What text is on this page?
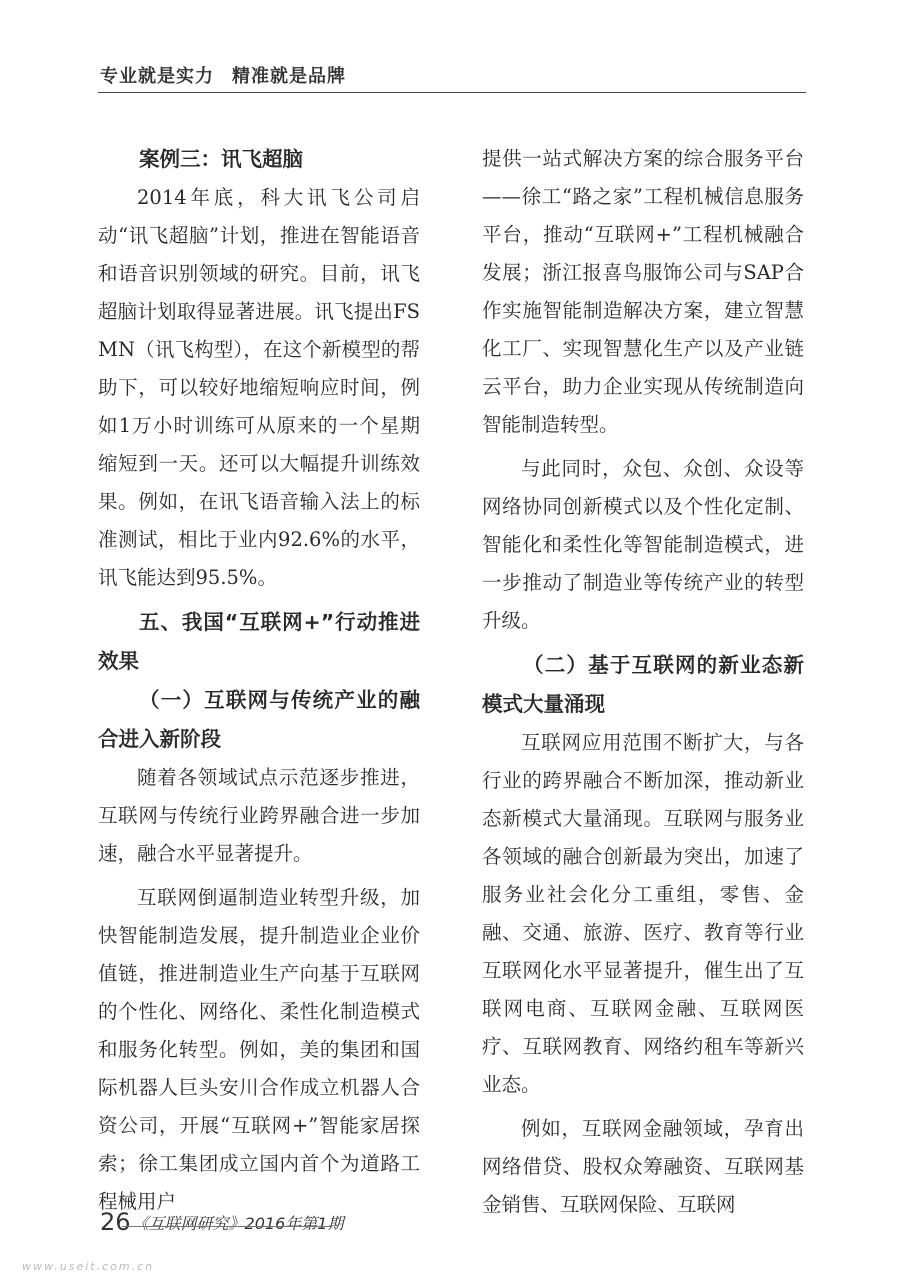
专业就是实力 精准就是品牌
案例三：讯飞超脑

2014年底，科大讯飞公司启动“讯飞超脑”计划，推进在智能语音和语音识别领域的研究。目前，讯飞超脑计划取得显著进展。讯飞提出FSMN（讯飞构型），在这个新模型的帮助下，可以较好地缩短响应时间，例如1万小时训练可从原来的一个星期缩短到一天。还可以大幅提升训练效果。例如，在讯飞语音输入法上的标准测试，相比于业内92.6%的水平，讯飞能达到95.5%。

五、我国“互联网+”行动推进效果
（一）互联网与传统产业的融合进入新阶段

随着各领域试点示范逐步推进，互联网与传统行业跨界融合进一步加速，融合水平显著提升。

互联网倒逼制造业转型升级，加快智能制造发展，提升制造业企业价值链，推进制造业生产向基于互联网的个性化、网络化、柔性化制造模式和服务化转型。例如，美的集团和国际机器人巨头安川合作成立机器人合资公司，开展“互联网+”智能家居探索；徐工集团成立国内首个为道路工程械用户

提供一站式解决方案的综合服务平台——徐工“路之家”工程机械信息服务平台，推动“互联网+”工程机械融合发展；浙江报喜鸟服饰公司与SAP合作实施智能制造解决方案，建立智慧化工厂、实现智慧化生产以及产业链云平台，助力企业实现从传统制造向智能制造转型。

与此同时，众包、众创、众设等网络协同创新模式以及个性化定制、智能化和柔性化等智能制造模式，进一步推动了制造业等传统产业的转型升级。

（二）基于互联网的新业态新模式大量涌现

互联网应用范围不断扩大，与各行业的跨界融合不断加深，推动新业态新模式大量涌现。互联网与服务业各领域的融合创新最为突出，加速了服务业社会化分工重组，零售、金融、交通、旅游、医疗、教育等行业互联网化水平显著提升，催生出了互联网电商、互联网金融、互联网医疗、互联网教育、网络约租车等新兴业态。

例如，互联网金融领域，孕育出网络借贷、股权众筹融资、互联网基金销售、互联网保险、互联网

26 《互联网研究》2016年第1期
www.useit.com.cn
